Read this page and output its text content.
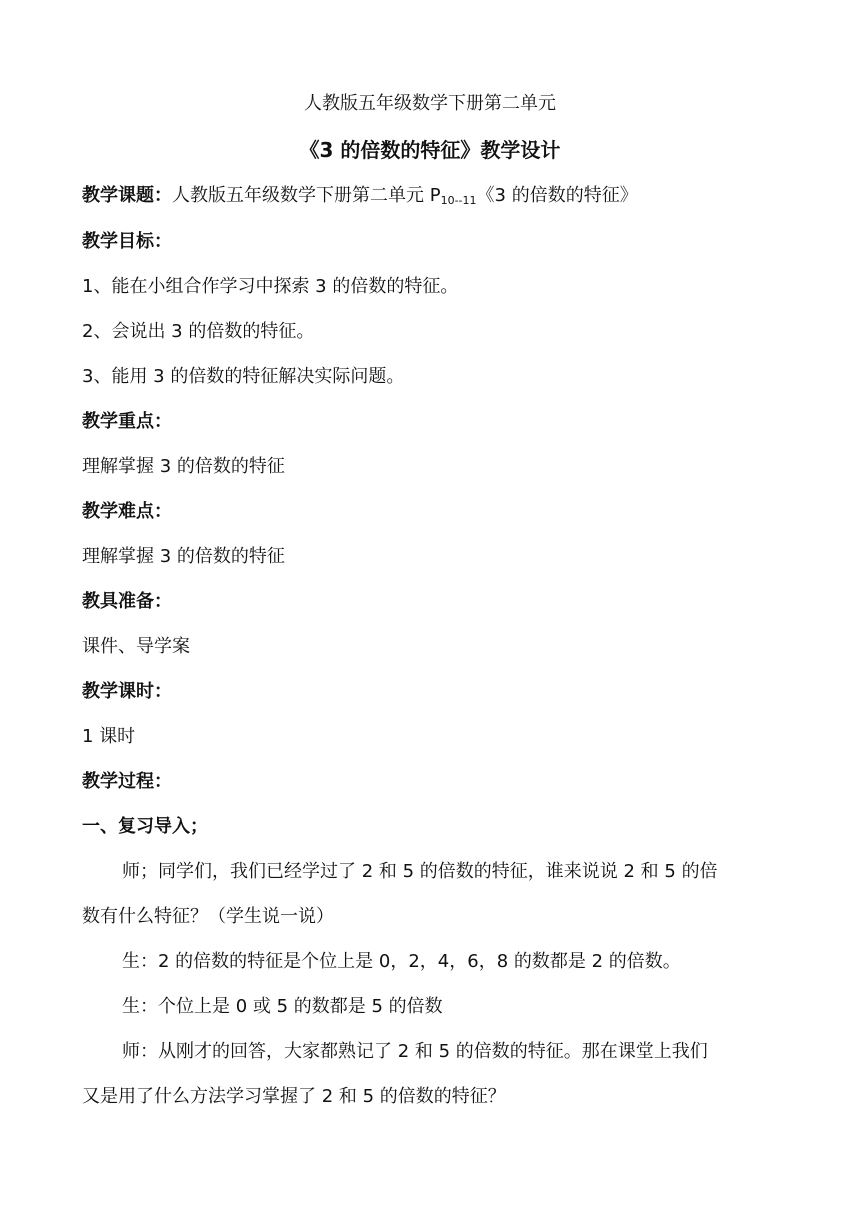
人教版五年级数学下册第二单元
《3 的倍数的特征》教学设计
教学课题：人教版五年级数学下册第二单元 $P_{10--11}$《3 的倍数的特征》
教学目标：
1、能在小组合作学习中探索 3 的倍数的特征。
2、会说出 3 的倍数的特征。
3、能用 3 的倍数的特征解决实际问题。
教学重点：
理解掌握 3 的倍数的特征
教学难点：
理解掌握 3 的倍数的特征
教具准备：
课件、导学案
教学课时：
1 课时
教学过程：
一、复习导入；
师；同学们，我们已经学过了 2 和 5 的倍数的特征，谁来说说 2 和 5 的倍
数有什么特征？（学生说一说）
生：2 的倍数的特征是个位上是 0，2，4，6，8 的数都是 2 的倍数。
生：个位上是 0 或 5 的数都是 5 的倍数
师：从刚才的回答，大家都熟记了 2 和 5 的倍数的特征。那在课堂上我们
又是用了什么方法学习掌握了 2 和 5 的倍数的特征？
